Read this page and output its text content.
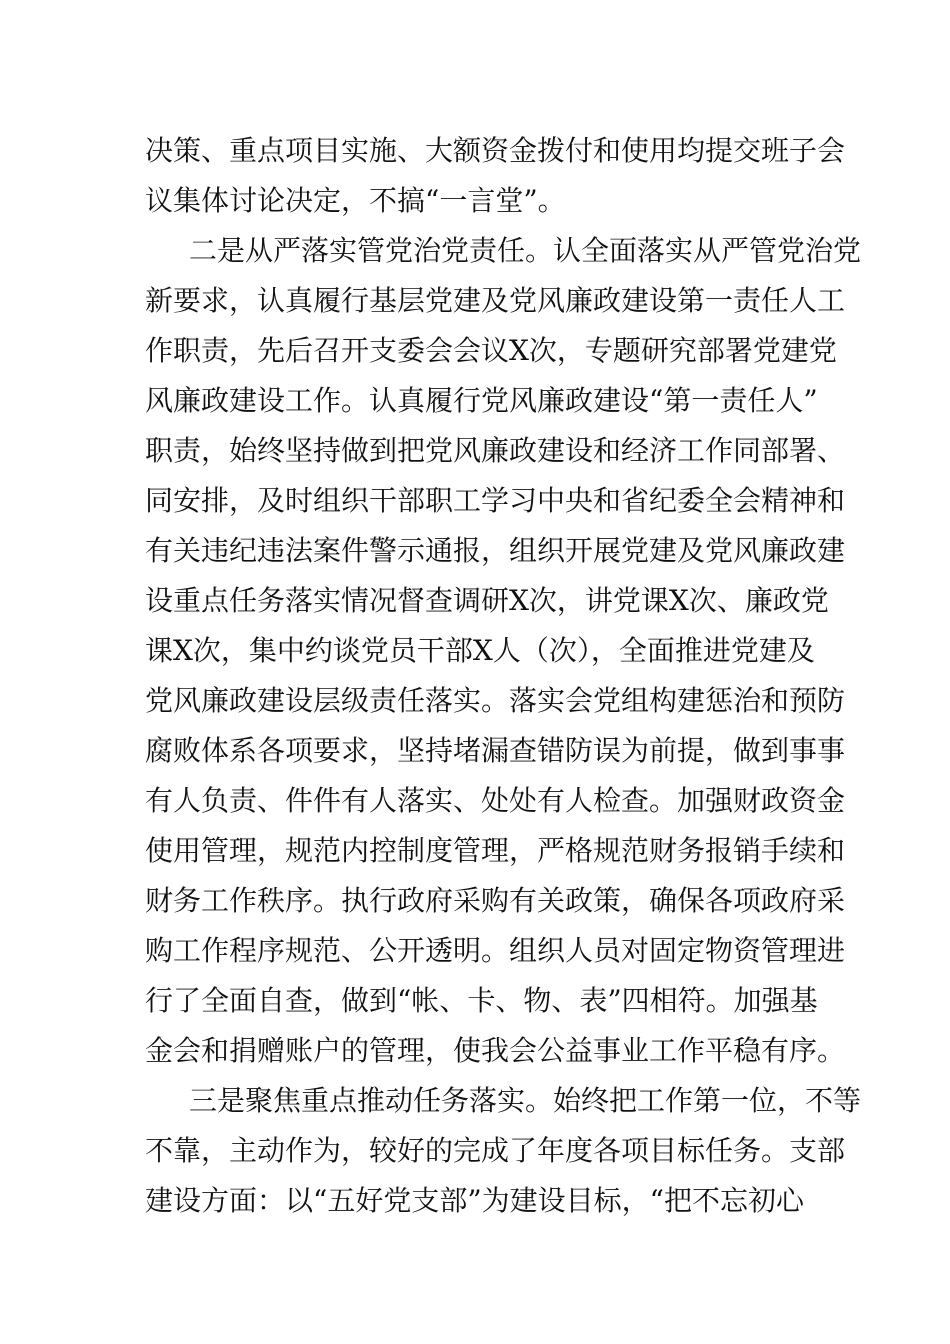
决策、重点项目实施、大额资金拨付和使用均提交班子会
议集体讨论决定，不搞“一言堂”。
二是从严落实管党治党责任。认全面落实从严管党治党
新要求，认真履行基层党建及党风廉政建设第一责任人工
作职责，先后召开支委会会议X次，专题研究部署党建党
风廉政建设工作。认真履行党风廉政建设“第一责任人”
职责，始终坚持做到把党风廉政建设和经济工作同部署、
同安排，及时组织干部职工学习中央和省纪委全会精神和
有关违纪违法案件警示通报，组织开展党建及党风廉政建
设重点任务落实情况督查调研X次，讲党课X次、廉政党
课X次，集中约谈党员干部X人（次），全面推进党建及
党风廉政建设层级责任落实。落实会党组构建惩治和预防
腐败体系各项要求，坚持堵漏查错防误为前提，做到事事
有人负责、件件有人落实、处处有人检查。加强财政资金
使用管理，规范内控制度管理，严格规范财务报销手续和
财务工作秩序。执行政府采购有关政策，确保各项政府采
购工作程序规范、公开透明。组织人员对固定物资管理进
行了全面自查，做到“帐、卡、物、表”四相符。加强基
金会和捐赠账户的管理，使我会公益事业工作平稳有序。
三是聚焦重点推动任务落实。始终把工作第一位，不等
不靠，主动作为，较好的完成了年度各项目标任务。支部
建设方面：以“五好党支部”为建设目标，“把不忘初心
